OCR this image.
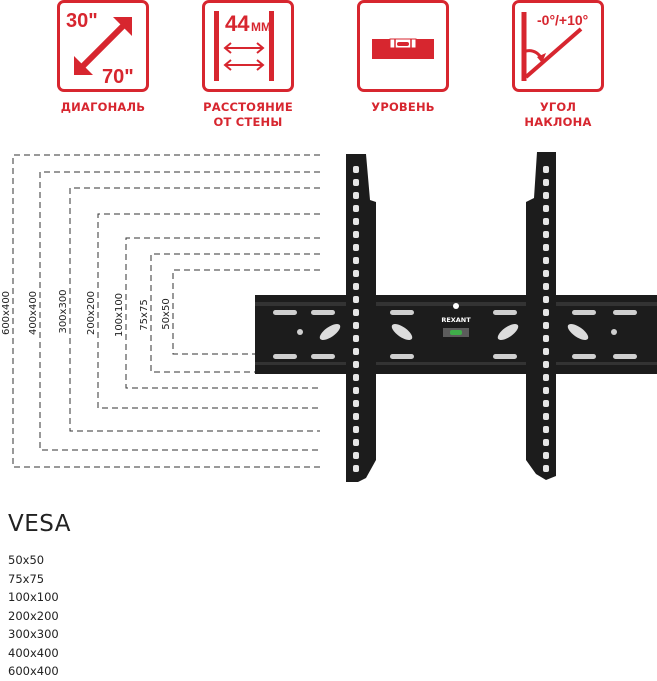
30"
70"
ДИАГОНАЛЬ
44 ММ
РАССТОЯНИЕ
ОТ СТЕНЫ
УРОВЕНЬ
-0°/+10°
УГОЛ
НАКЛОНА
600x400 400x400 300x300 200x200 100x100 75x75 50x50	REXANT
VESA
50x50
75x75
100x100
200x200
300x300
400x400
600x400
